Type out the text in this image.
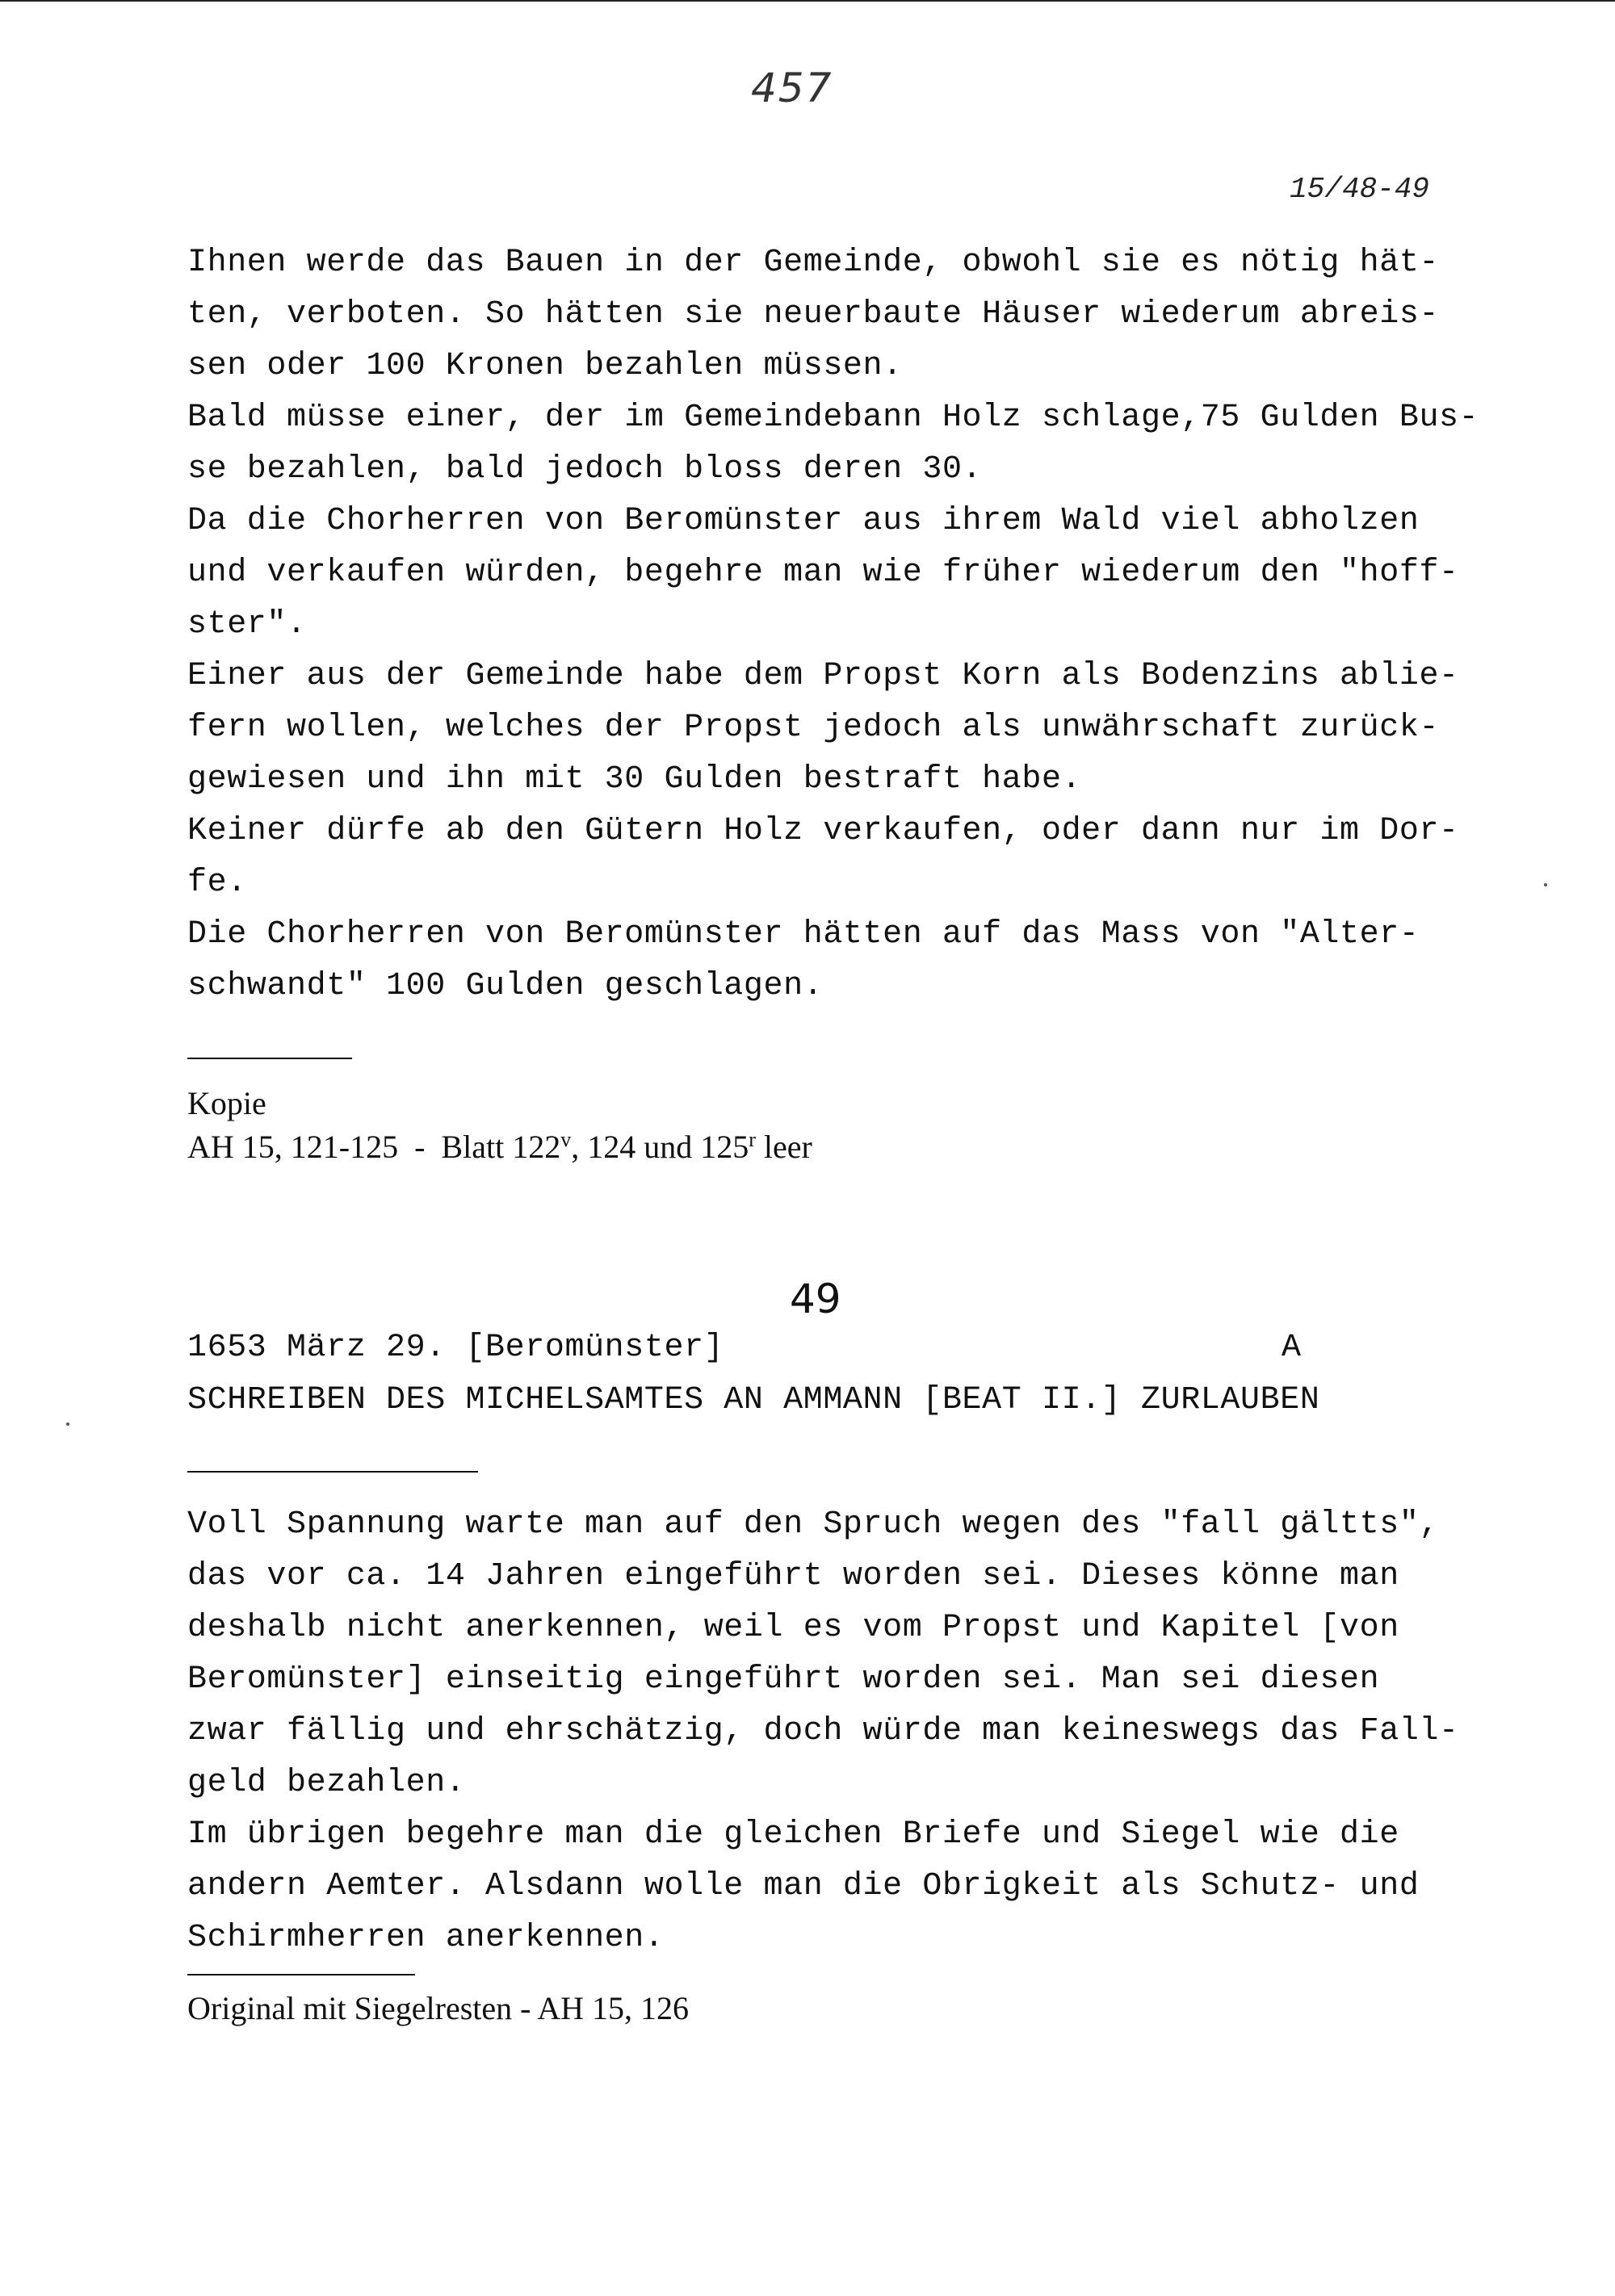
457
15/48-49
Ihnen werde das Bauen in der Gemeinde, obwohl sie es nötig hät-
ten, verboten. So hätten sie neuerbaute Häuser wiederum abreis-
sen oder 100 Kronen bezahlen müssen.
Bald müsse einer, der im Gemeindebann Holz schlage,75 Gulden Bus-
se bezahlen, bald jedoch bloss deren 30.
Da die Chorherren von Beromünster aus ihrem Wald viel abholzen
und verkaufen würden, begehre man wie früher wiederum den "hoff-
ster".
Einer aus der Gemeinde habe dem Propst Korn als Bodenzins ablie-
fern wollen, welches der Propst jedoch als unwährschaft zurück-
gewiesen und ihn mit 30 Gulden bestraft habe.
Keiner dürfe ab den Gütern Holz verkaufen, oder dann nur im Dor-
fe.
Die Chorherren von Beromünster hätten auf das Mass von "Alter-
schwandt" 100 Gulden geschlagen.
Kopie
AH 15, 121-125  -  Blatt 122$^v$, 124 und 125$^r$ leer
49
1653 März 29. [Beromünster]	A
SCHREIBEN DES MICHELSAMTES AN AMMANN [BEAT II.] ZURLAUBEN
Voll Spannung warte man auf den Spruch wegen des "fall gältts",
das vor ca. 14 Jahren eingeführt worden sei. Dieses könne man
deshalb nicht anerkennen, weil es vom Propst und Kapitel [von
Beromünster] einseitig eingeführt worden sei. Man sei diesen
zwar fällig und ehrschätzig, doch würde man keineswegs das Fall-
geld bezahlen.
Im übrigen begehre man die gleichen Briefe und Siegel wie die
andern Aemter. Alsdann wolle man die Obrigkeit als Schutz- und
Schirmherren anerkennen.
Original mit Siegelresten - AH 15, 126
